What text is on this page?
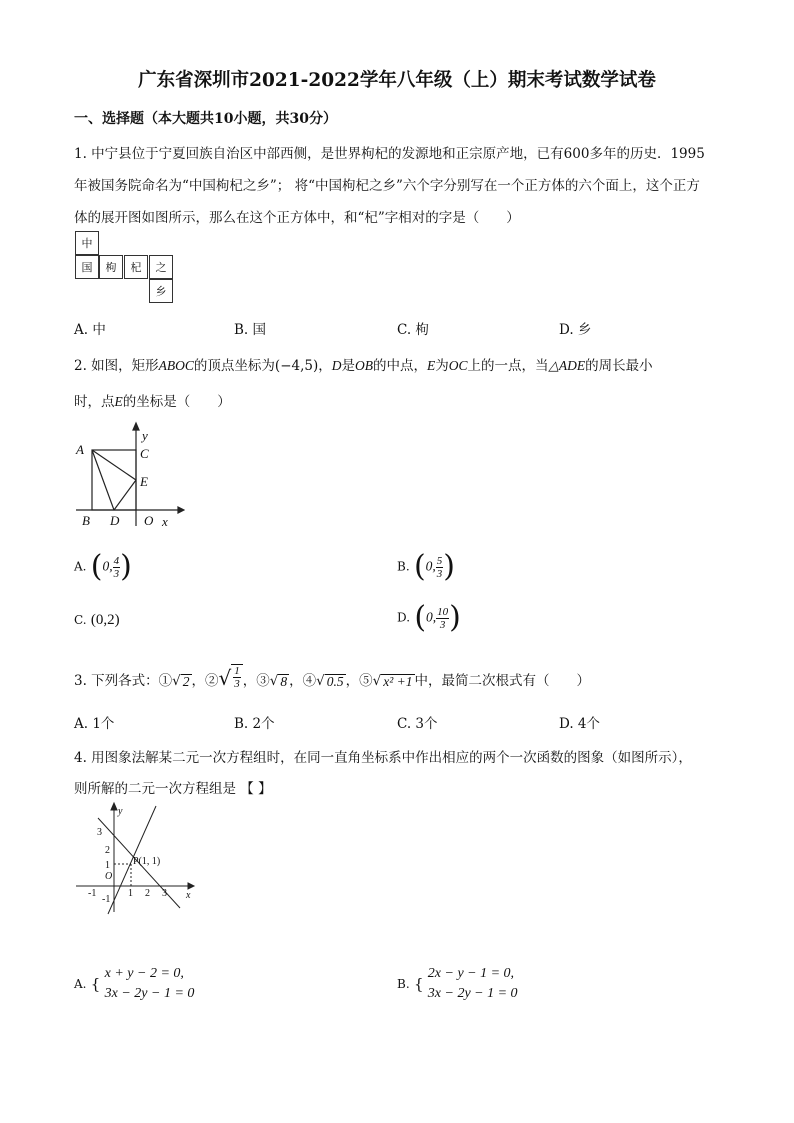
广东省深圳市2021-2022学年八年级（上）期末考试数学试卷
一、选择题（本大题共10小题，共30分）
1. 中宁县位于宁夏回族自治区中部西侧，是世界枸杞的发源地和正宗原产地，已有600多年的历史．1995
年被国务院命名为“中国枸杞之乡”； 将“中国枸杞之乡”六个字分别写在一个正方体的六个面上，这个正方
体的展开图如图所示，那么在这个正方体中，和“杞”字相对的字是（　　）
中
国	枸	杞	之
乡
A. 中	B. 国	C. 枸	D. 乡
2. 如图，矩形ABOC的顶点坐标为(−4,5)，D是OB的中点，E为OC上的一点，当△ADE的周长最小
时，点E的坐标是（　　）
A	C
E
B D O x
y
A. (0, $\frac{4}{3}$ )	B. (0, $\frac{5}{3}$ )
C. (0,2)	D. (0, $\frac{10}{3}$ )
3. 下列各式：① √ 2 ，② √ $\frac{1}{3}$ ，③ √ 8 ，④ √ 0.5 ，⑤ √ x² +1 中，最简二次根式有（　　）
A. 1个	B. 2个	C. 3个	D. 4个
4. 用图象法解某二元一次方程组时，在同一直角坐标系中作出相应的两个一次函数的图象（如图所示），
则所解的二元一次方程组是 【 】
y
x
O
P(1, 1)
3
2
1
-1
1 2 3
-1
A. { x + y − 2 = 0,
3x − 2y − 1 = 0
B. { 2x − y − 1 = 0,
3x − 2y − 1 = 0
